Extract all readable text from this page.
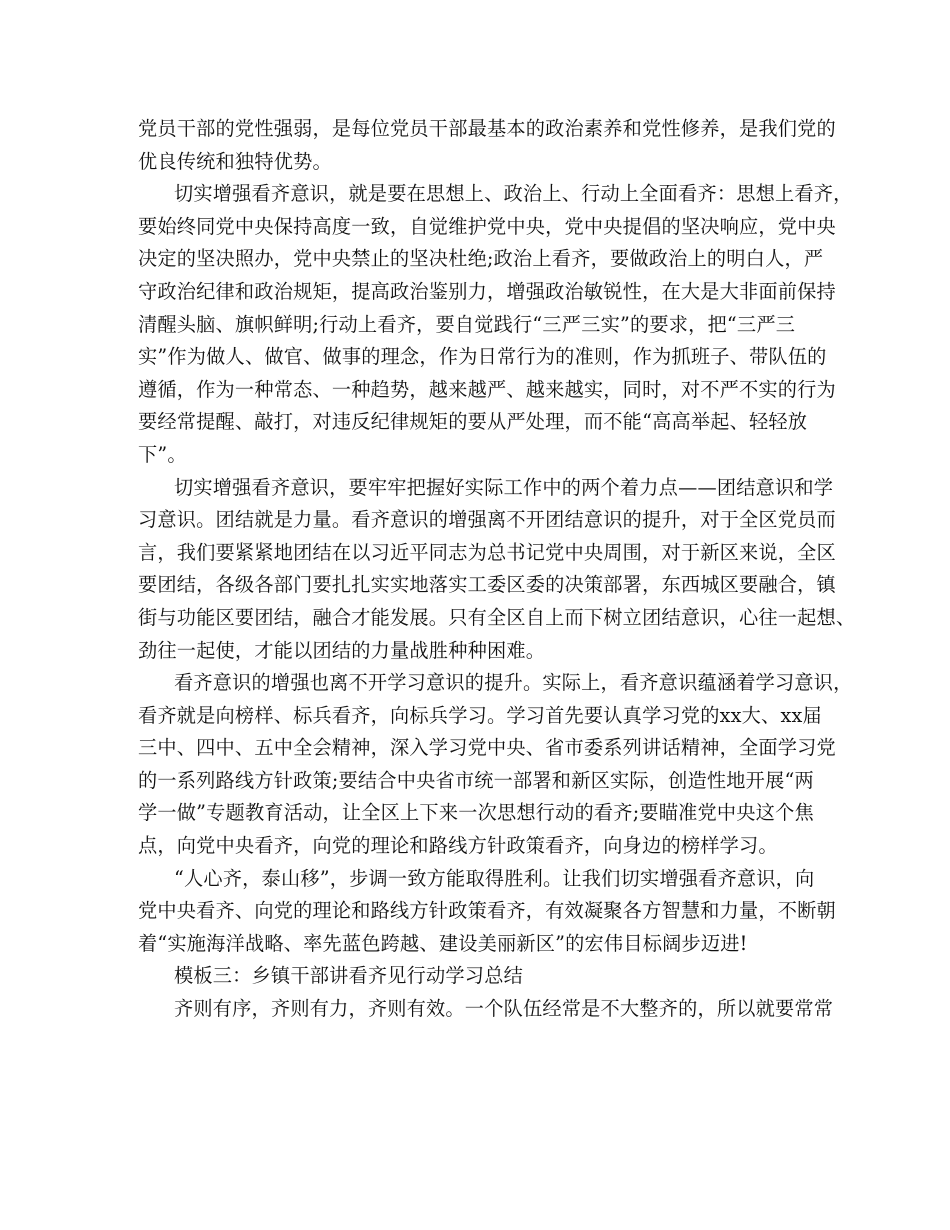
党员干部的党性强弱，是每位党员干部最基本的政治素养和党性修养，是我们党的
优良传统和独特优势。
切实增强看齐意识，就是要在思想上、政治上、行动上全面看齐：思想上看齐，
要始终同党中央保持高度一致，自觉维护党中央，党中央提倡的坚决响应，党中央
决定的坚决照办，党中央禁止的坚决杜绝;政治上看齐，要做政治上的明白人，严
守政治纪律和政治规矩，提高政治鉴别力，增强政治敏锐性，在大是大非面前保持
清醒头脑、旗帜鲜明;行动上看齐，要自觉践行“三严三实”的要求，把“三严三
实”作为做人、做官、做事的理念，作为日常行为的准则，作为抓班子、带队伍的
遵循，作为一种常态、一种趋势，越来越严、越来越实，同时，对不严不实的行为
要经常提醒、敲打，对违反纪律规矩的要从严处理，而不能“高高举起、轻轻放
下”。
切实增强看齐意识，要牢牢把握好实际工作中的两个着力点——团结意识和学
习意识。团结就是力量。看齐意识的增强离不开团结意识的提升，对于全区党员而
言，我们要紧紧地团结在以习近平同志为总书记党中央周围，对于新区来说，全区
要团结，各级各部门要扎扎实实地落实工委区委的决策部署，东西城区要融合，镇
街与功能区要团结，融合才能发展。只有全区自上而下树立团结意识，心往一起想、
劲往一起使，才能以团结的力量战胜种种困难。
看齐意识的增强也离不开学习意识的提升。实际上，看齐意识蕴涵着学习意识，
看齐就是向榜样、标兵看齐，向标兵学习。学习首先要认真学习党的xx大、xx届
三中、四中、五中全会精神，深入学习党中央、省市委系列讲话精神，全面学习党
的一系列路线方针政策;要结合中央省市统一部署和新区实际，创造性地开展“两
学一做”专题教育活动，让全区上下来一次思想行动的看齐;要瞄准党中央这个焦
点，向党中央看齐，向党的理论和路线方针政策看齐，向身边的榜样学习。
“人心齐，泰山移”，步调一致方能取得胜利。让我们切实增强看齐意识，向
党中央看齐、向党的理论和路线方针政策看齐，有效凝聚各方智慧和力量，不断朝
着“实施海洋战略、率先蓝色跨越、建设美丽新区”的宏伟目标阔步迈进!
模板三：乡镇干部讲看齐见行动学习总结
齐则有序，齐则有力，齐则有效。一个队伍经常是不大整齐的，所以就要常常
